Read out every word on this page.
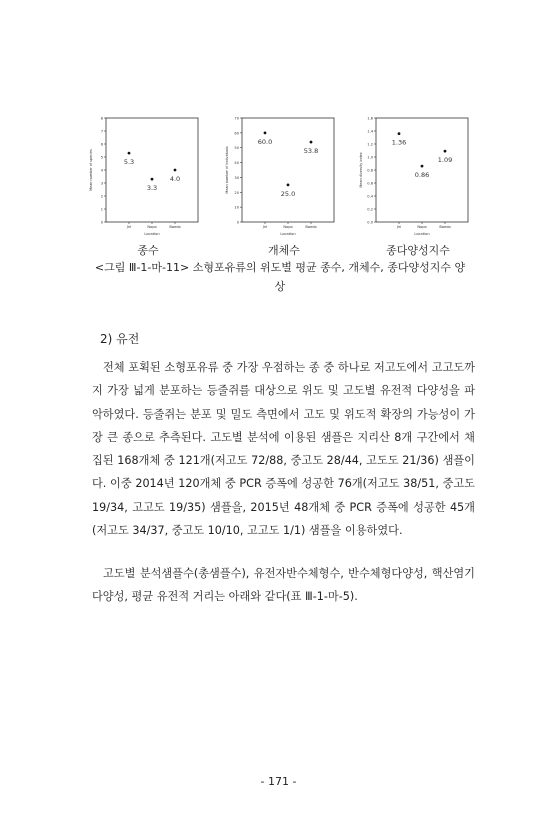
0
1
2
3
4
5
6
7
8
Mean number of species
Jiri	Nopo	Baedo
Location
5.3
3.3
4.0
0
10
20
30
40
50
60
70
Mean number of individuals
Jiri	Nopo	Baedo
Location
60.0
25.0
53.8
0.0
0.2
0.4
0.6
0.8
1.0
1.2
1.4
1.6
Mean diversity index
Jiri	Nopo	Baedo
Location
1.36
0.86
1.09
종수	개체수	종다양성지수
<그림 Ⅲ-1-마-11> 소형포유류의 위도별 평균 종수, 개체수, 종다양성지수 양상
2) 유전

전체 포획된 소형포유류 중 가장 우점하는 종 중 하나로 저고도에서 고고도까지 가장 넓게 분포하는 등줄쥐를 대상으로 위도 및 고도별 유전적 다양성을 파악하였다. 등줄쥐는 분포 및 밀도 측면에서 고도 및 위도적 확장의 가능성이 가장 큰 종으로 추측된다. 고도별 분석에 이용된 샘플은 지리산 8개 구간에서 채집된 168개체 중 121개(저고도 72/88, 중고도 28/44, 고도도 21/36) 샘플이다. 이중 2014년 120개체 중 PCR 증폭에 성공한 76개(저고도 38/51, 중고도 19/34, 고고도 19/35) 샘플을, 2015년 48개체 중 PCR 증폭에 성공한 45개(저고도 34/37, 중고도 10/10, 고고도 1/1) 샘플을 이용하였다.

고도별 분석샘플수(총샘플수), 유전자반수체형수, 반수체형다양성, 핵산염기다양성, 평균 유전적 거리는 아래와 같다(표 Ⅲ-1-마-5).

- 171 -
